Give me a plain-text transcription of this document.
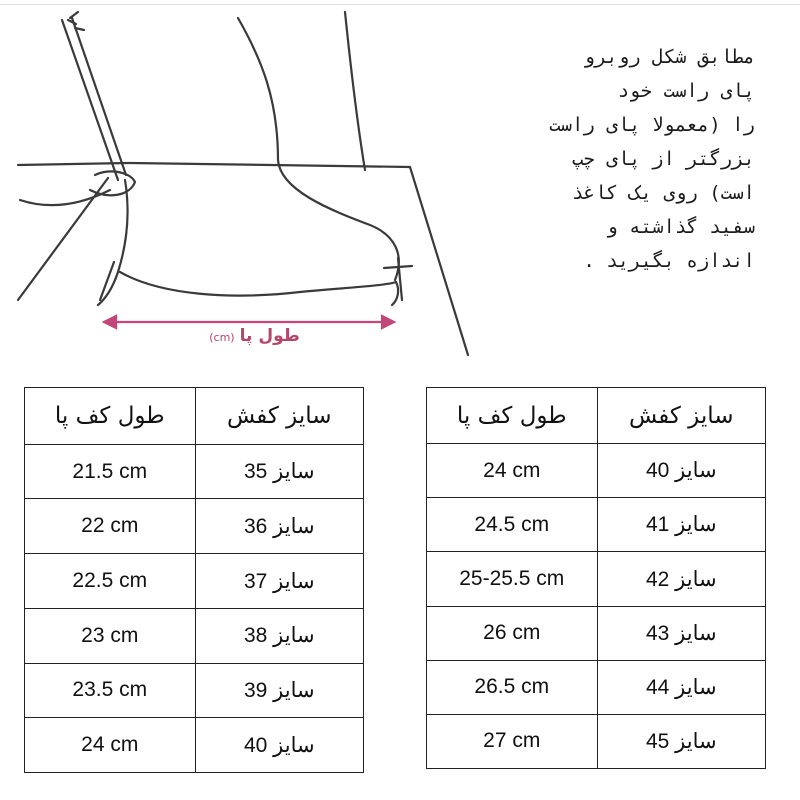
طول پا (cm)
مطابق شکل روبرو
پای راست خود
را (معمولا پای راست
بزرگتر از پای چپ
است) روی یک کاغذ
سفید گذاشته و
اندازه بگیرید .
سایز کفش	طول کف پا
سایز 35	21.5 cm
سایز 36	22 cm
سایز 37	22.5 cm
سایز 38	23 cm
سایز 39	23.5 cm
سایز 40	24 cm
سایز کفش	طول کف پا
سایز 40	24 cm
سایز 41	24.5 cm
سایز 42	25-25.5 cm
سایز 43	26 cm
سایز 44	26.5 cm
سایز 45	27 cm
